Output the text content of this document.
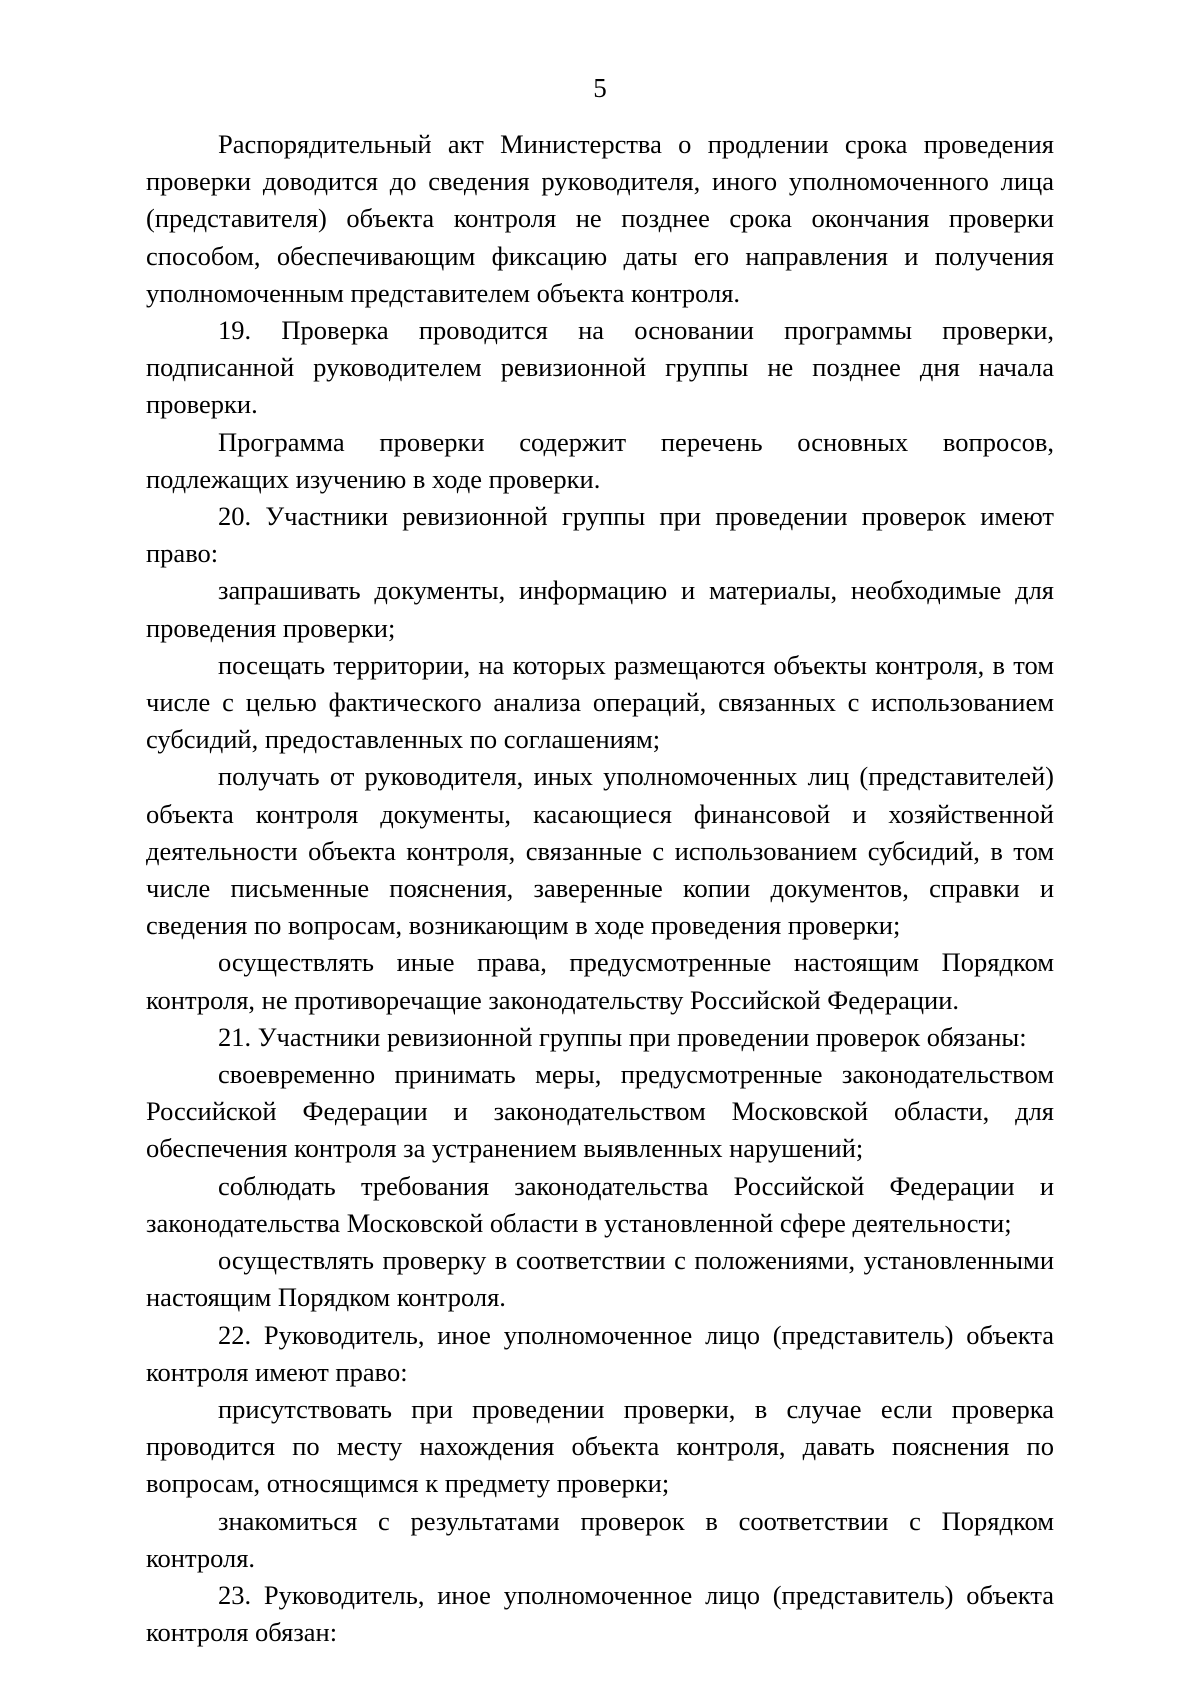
5

Распорядительный акт Министерства о продлении срока проведения проверки доводится до сведения руководителя, иного уполномоченного лица (представителя) объекта контроля не позднее срока окончания проверки способом, обеспечивающим фиксацию даты его направления и получения уполномоченным представителем объекта контроля.

19. Проверка проводится на основании программы проверки, подписанной руководителем ревизионной группы не позднее дня начала проверки.

Программа проверки содержит перечень основных вопросов, подлежащих изучению в ходе проверки.

20. Участники ревизионной группы при проведении проверок имеют право:

запрашивать документы, информацию и материалы, необходимые для проведения проверки;

посещать территории, на которых размещаются объекты контроля, в том числе с целью фактического анализа операций, связанных с использованием субсидий, предоставленных по соглашениям;

получать от руководителя, иных уполномоченных лиц (представителей) объекта контроля документы, касающиеся финансовой и хозяйственной деятельности объекта контроля, связанные с использованием субсидий, в том числе письменные пояснения, заверенные копии документов, справки и сведения по вопросам, возникающим в ходе проведения проверки;

осуществлять иные права, предусмотренные настоящим Порядком контроля, не противоречащие законодательству Российской Федерации.

21. Участники ревизионной группы при проведении проверок обязаны:

своевременно принимать меры, предусмотренные законодательством Российской Федерации и законодательством Московской области, для обеспечения контроля за устранением выявленных нарушений;

соблюдать требования законодательства Российской Федерации и законодательства Московской области в установленной сфере деятельности;

осуществлять проверку в соответствии с положениями, установленными настоящим Порядком контроля.

22. Руководитель, иное уполномоченное лицо (представитель) объекта контроля имеют право:

присутствовать при проведении проверки, в случае если проверка проводится по месту нахождения объекта контроля, давать пояснения по вопросам, относящимся к предмету проверки;

знакомиться с результатами проверок в соответствии с Порядком контроля.

23. Руководитель, иное уполномоченное лицо (представитель) объекта контроля обязан:
